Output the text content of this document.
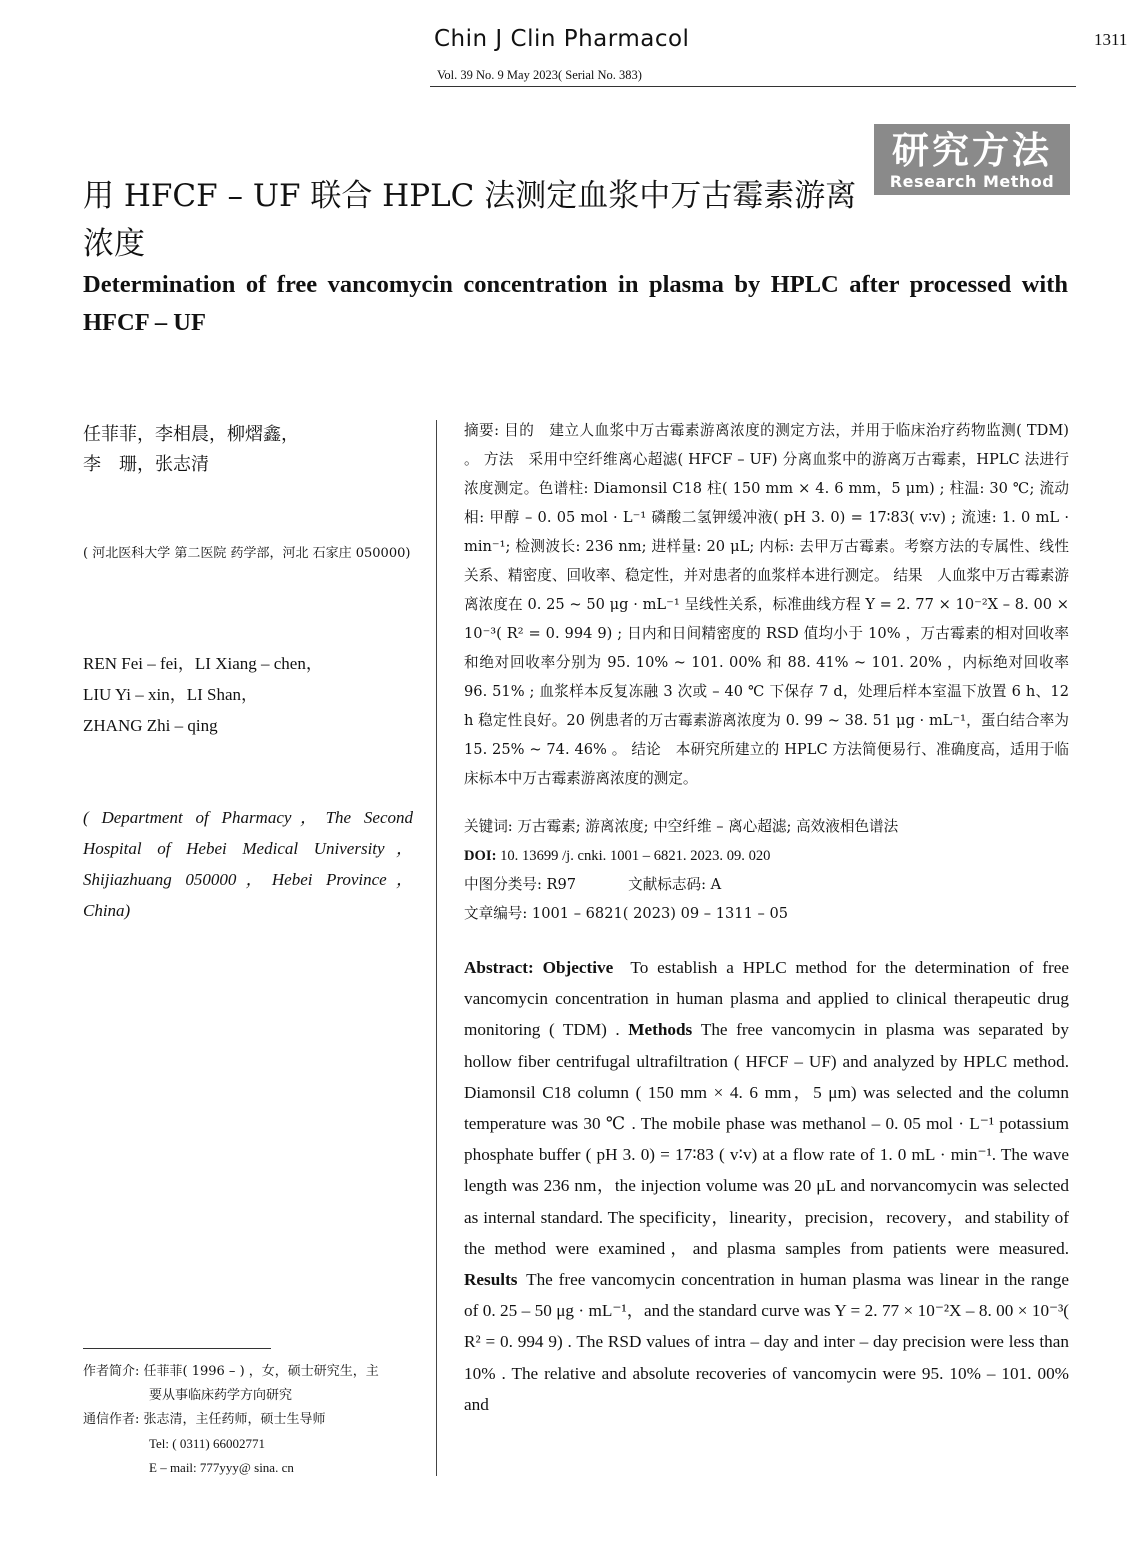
Chin J Clin Pharmacol	1311
Vol. 39 No. 9 May 2023( Serial No. 383)
研究方法
Research Method
用 HFCF – UF 联合 HPLC 法测定血浆中万古霉素游离浓度
Determination of free vancomycin concentration in plasma by HPLC after processed with HFCF – UF
任菲菲，李相晨，柳熠鑫，
李　珊，张志清
( 河北医科大学 第二医院 药学部，河北 石家庄 050000)
REN Fei – fei，LI Xiang – chen，
LIU Yi – xin，LI Shan，
ZHANG Zhi – qing
( Department of Pharmacy，The Second Hospital of Hebei Medical University，Shijiazhuang 050000，Hebei Province，China)
摘要: 目的  建立人血浆中万古霉素游离浓度的测定方法，并用于临床治疗药物监测( TDM) 。 方法  采用中空纤维离心超滤( HFCF – UF) 分离血浆中的游离万古霉素，HPLC 法进行浓度测定。色谱柱: Diamonsil C18 柱( 150 mm × 4. 6 mm，5 μm) ; 柱温: 30 ℃; 流动相: 甲醇 – 0. 05 mol · L⁻¹ 磷酸二氢钾缓冲液( pH 3. 0) = 17∶83( v∶v) ; 流速: 1. 0 mL · min⁻¹; 检测波长: 236 nm; 进样量: 20 μL; 内标: 去甲万古霉素。考察方法的专属性、线性关系、精密度、回收率、稳定性，并对患者的血浆样本进行测定。 结果  人血浆中万古霉素游离浓度在 0. 25 ~ 50 μg · mL⁻¹ 呈线性关系，标准曲线方程 Y = 2. 77 × 10⁻²X – 8. 00 × 10⁻³( R² = 0. 994 9) ; 日内和日间精密度的 RSD 值均小于 10% ，万古霉素的相对回收率和绝对回收率分别为 95. 10% ~ 101. 00% 和 88. 41% ~ 101. 20% ，内标绝对回收率 96. 51% ; 血浆样本反复冻融 3 次或 – 40 ℃ 下保存 7 d，处理后样本室温下放置 6 h、12 h 稳定性良好。20 例患者的万古霉素游离浓度为 0. 99 ~ 38. 51 μg · mL⁻¹，蛋白结合率为 15. 25% ~ 74. 46% 。 结论  本研究所建立的 HPLC 方法简便易行、准确度高，适用于临床标本中万古霉素游离浓度的测定。
关键词: 万古霉素; 游离浓度; 中空纤维 – 离心超滤; 高效液相色谱法
DOI: 10. 13699 /j. cnki. 1001 – 6821. 2023. 09. 020
中图分类号: R97	文献标志码: A
文章编号: 1001 – 6821( 2023) 09 – 1311 – 05
Abstract: Objective  To establish a HPLC method for the determination of free vancomycin concentration in human plasma and applied to clinical therapeutic drug monitoring ( TDM) . Methods  The free vancomycin in plasma was separated by hollow fiber centrifugal ultrafiltration ( HFCF – UF) and analyzed by HPLC method. Diamonsil C18 column ( 150 mm × 4. 6 mm，5 μm) was selected and the column temperature was 30 ℃ . The mobile phase was methanol – 0. 05 mol · L⁻¹ potassium phosphate buffer ( pH 3. 0) = 17∶83 ( v∶v) at a flow rate of 1. 0 mL · min⁻¹. The wave length was 236 nm，the injection volume was 20 μL and norvancomycin was selected as internal standard. The specificity，linearity，precision，recovery，and stability of the method were examined，and plasma samples from patients were measured. Results  The free vancomycin concentration in human plasma was linear in the range of 0. 25 – 50 μg · mL⁻¹，and the standard curve was Y = 2. 77 × 10⁻²X – 8. 00 × 10⁻³( R² = 0. 994 9) . The RSD values of intra – day and inter – day precision were less than 10% . The relative and absolute recoveries of vancomycin were 95. 10% – 101. 00% and
作者简介: 任菲菲( 1996 – ) ，女，硕士研究生，主
要从事临床药学方向研究
通信作者: 张志清，主任药师，硕士生导师
Tel: ( 0311) 66002771
E – mail: 777yyy@ sina. cn
